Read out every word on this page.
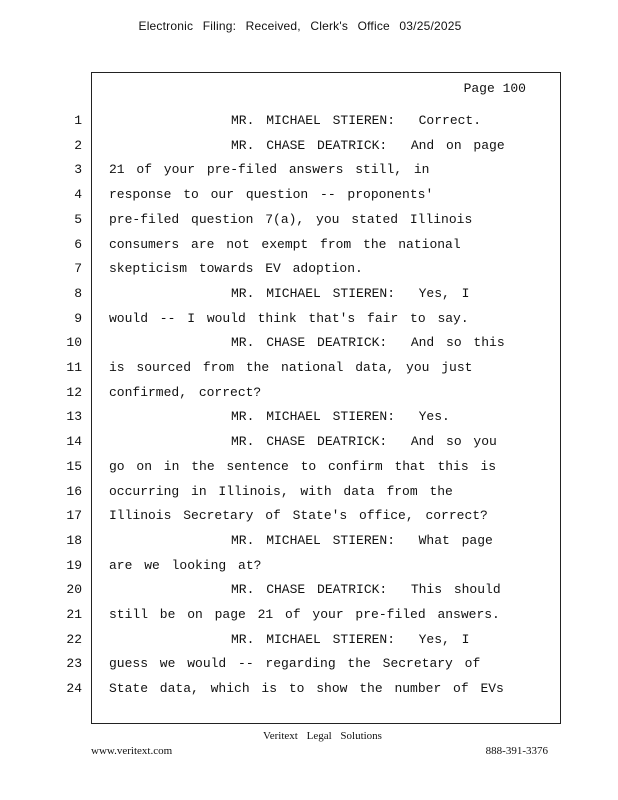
Electronic Filing: Received, Clerk's Office 03/25/2025
Page 100
1	MR. MICHAEL STIEREN:  Correct.
2	MR. CHASE DEATRICK:  And on page
3 21 of your pre-filed answers still, in
4 response to our question -- proponents'
5 pre-filed question 7(a), you stated Illinois
6 consumers are not exempt from the national
7 skepticism towards EV adoption.
8	MR. MICHAEL STIEREN:  Yes, I
9 would -- I would think that's fair to say.
10	MR. CHASE DEATRICK:  And so this
11 is sourced from the national data, you just
12 confirmed, correct?
13	MR. MICHAEL STIEREN:  Yes.
14	MR. CHASE DEATRICK:  And so you
15 go on in the sentence to confirm that this is
16 occurring in Illinois, with data from the
17 Illinois Secretary of State's office, correct?
18	MR. MICHAEL STIEREN:  What page
19 are we looking at?
20	MR. CHASE DEATRICK:  This should
21 still be on page 21 of your pre-filed answers.
22	MR. MICHAEL STIEREN:  Yes, I
23 guess we would -- regarding the Secretary of
24 State data, which is to show the number of EVs
Veritext Legal Solutions
www.veritext.com	888-391-3376
